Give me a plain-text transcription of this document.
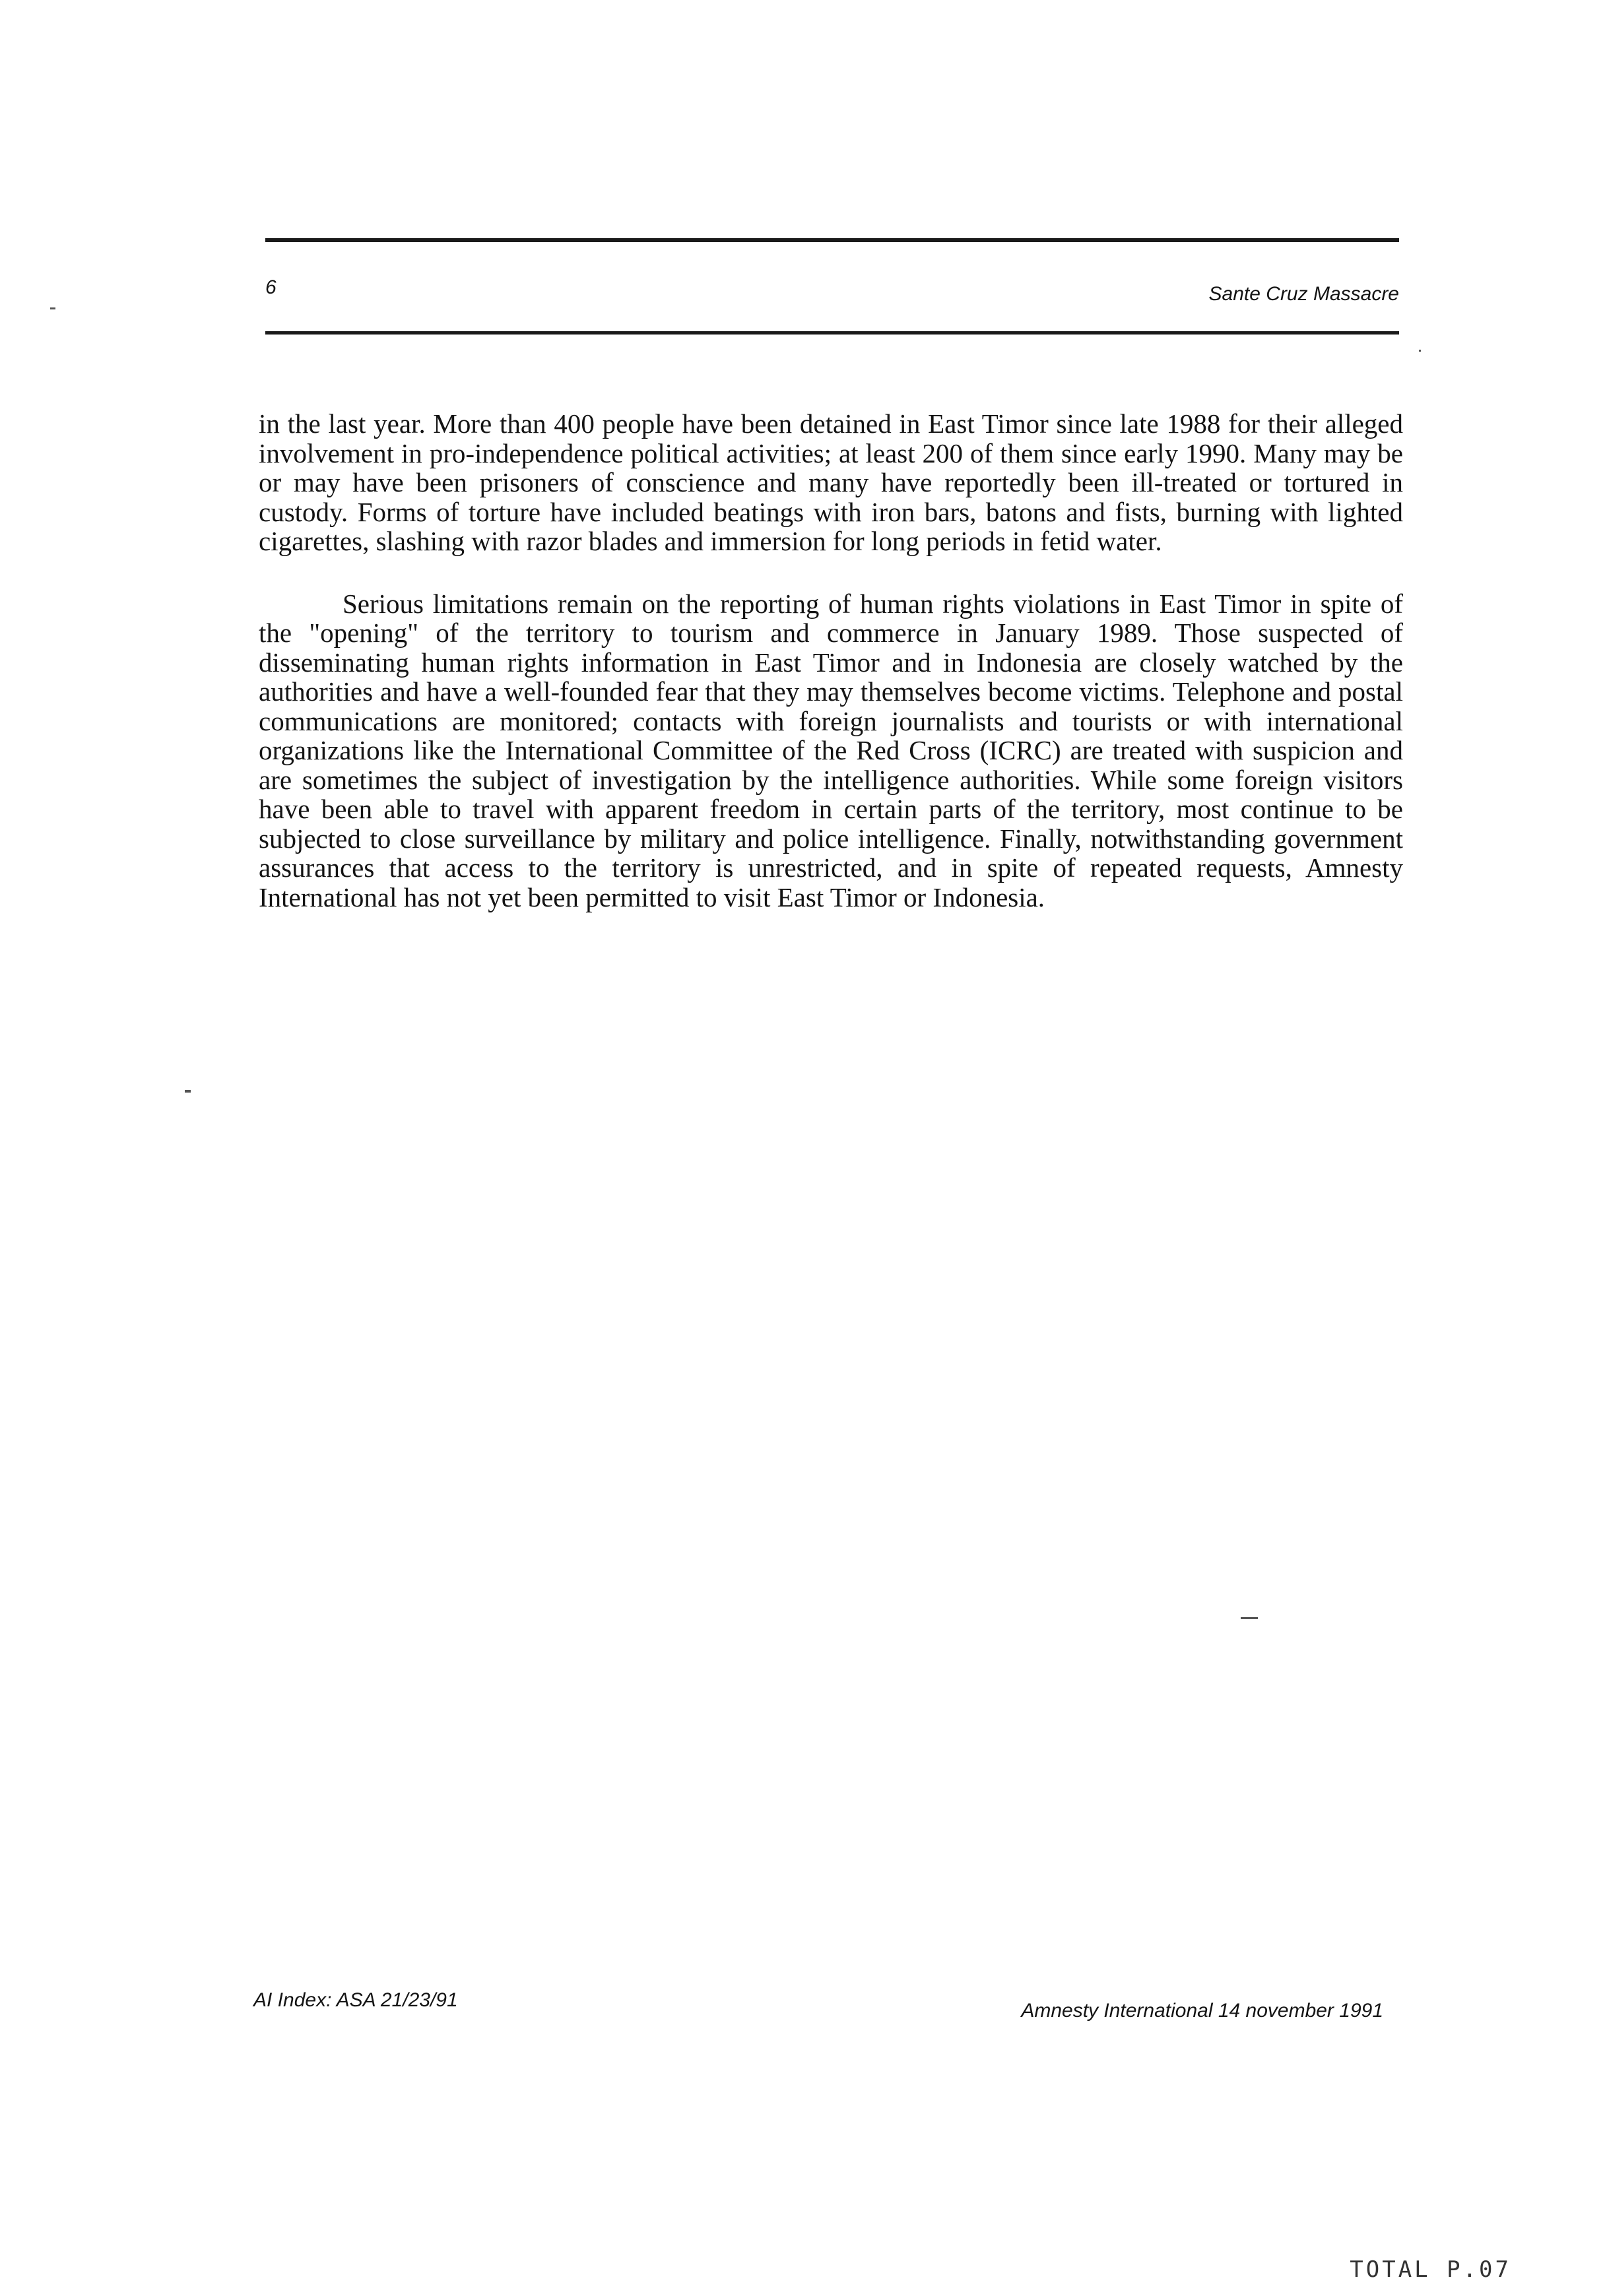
6	Sante Cruz Massacre

in the last year. More than 400 people have been detained in East Timor since late 1988 for their alleged involvement in pro-independence political activities; at least 200 of them since early 1990. Many may be or may have been prisoners of conscience and many have reportedly been ill-treated or tortured in custody. Forms of torture have included beatings with iron bars, batons and fists, burning with lighted cigarettes, slashing with razor blades and immersion for long periods in fetid water.

Serious limitations remain on the reporting of human rights violations in East Timor in spite of the "opening" of the territory to tourism and commerce in January 1989. Those suspected of disseminating human rights information in East Timor and in Indonesia are closely watched by the authorities and have a well-founded fear that they may themselves become victims. Telephone and postal communications are monitored; contacts with foreign journalists and tourists or with international organizations like the International Committee of the Red Cross (ICRC) are treated with suspicion and are sometimes the subject of investigation by the intelligence authorities. While some foreign visitors have been able to travel with apparent freedom in certain parts of the territory, most continue to be subjected to close surveillance by military and police intelligence. Finally, notwithstanding government assurances that access to the territory is unrestricted, and in spite of repeated requests, Amnesty International has not yet been permitted to visit East Timor or Indonesia.

AI Index: ASA 21/23/91	Amnesty International 14 november 1991
TOTAL P.07
